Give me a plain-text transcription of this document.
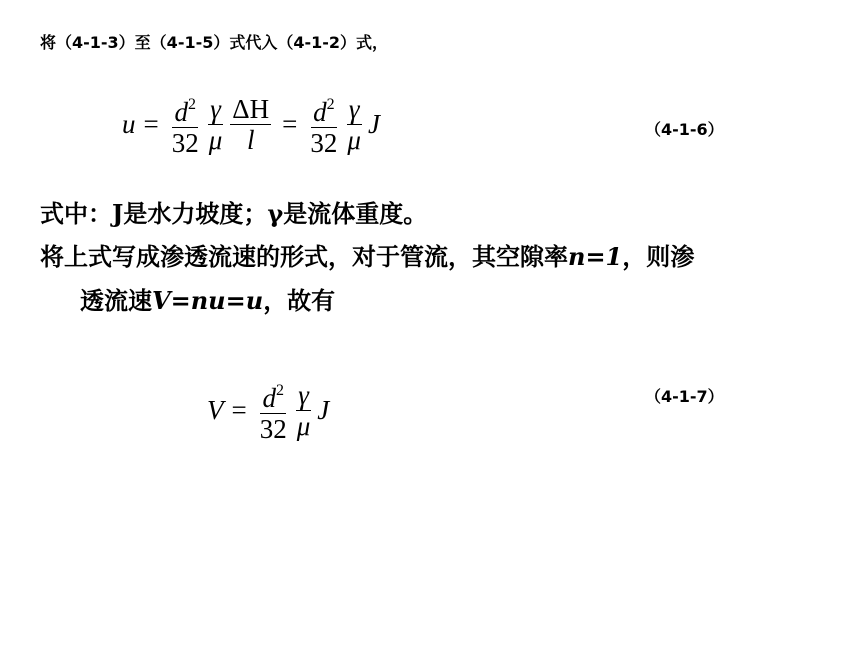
将（4-1-3）至（4-1-5）式代入（4-1-2）式，
$u = \frac{d^2}{32} \frac{\gamma}{\mu} \frac{\Delta H}{l} = \frac{d^2}{32} \frac{\gamma}{\mu}$ J	（4-1-6）
式中：J是水力坡度；γ是流体重度。
将上式写成渗透流速的形式，对于管流，其空隙率n=1，则渗
透流速V=nu=u，故有
$V = \frac{d^2}{32} \frac{\gamma}{\mu}$ J	（4-1-7）
